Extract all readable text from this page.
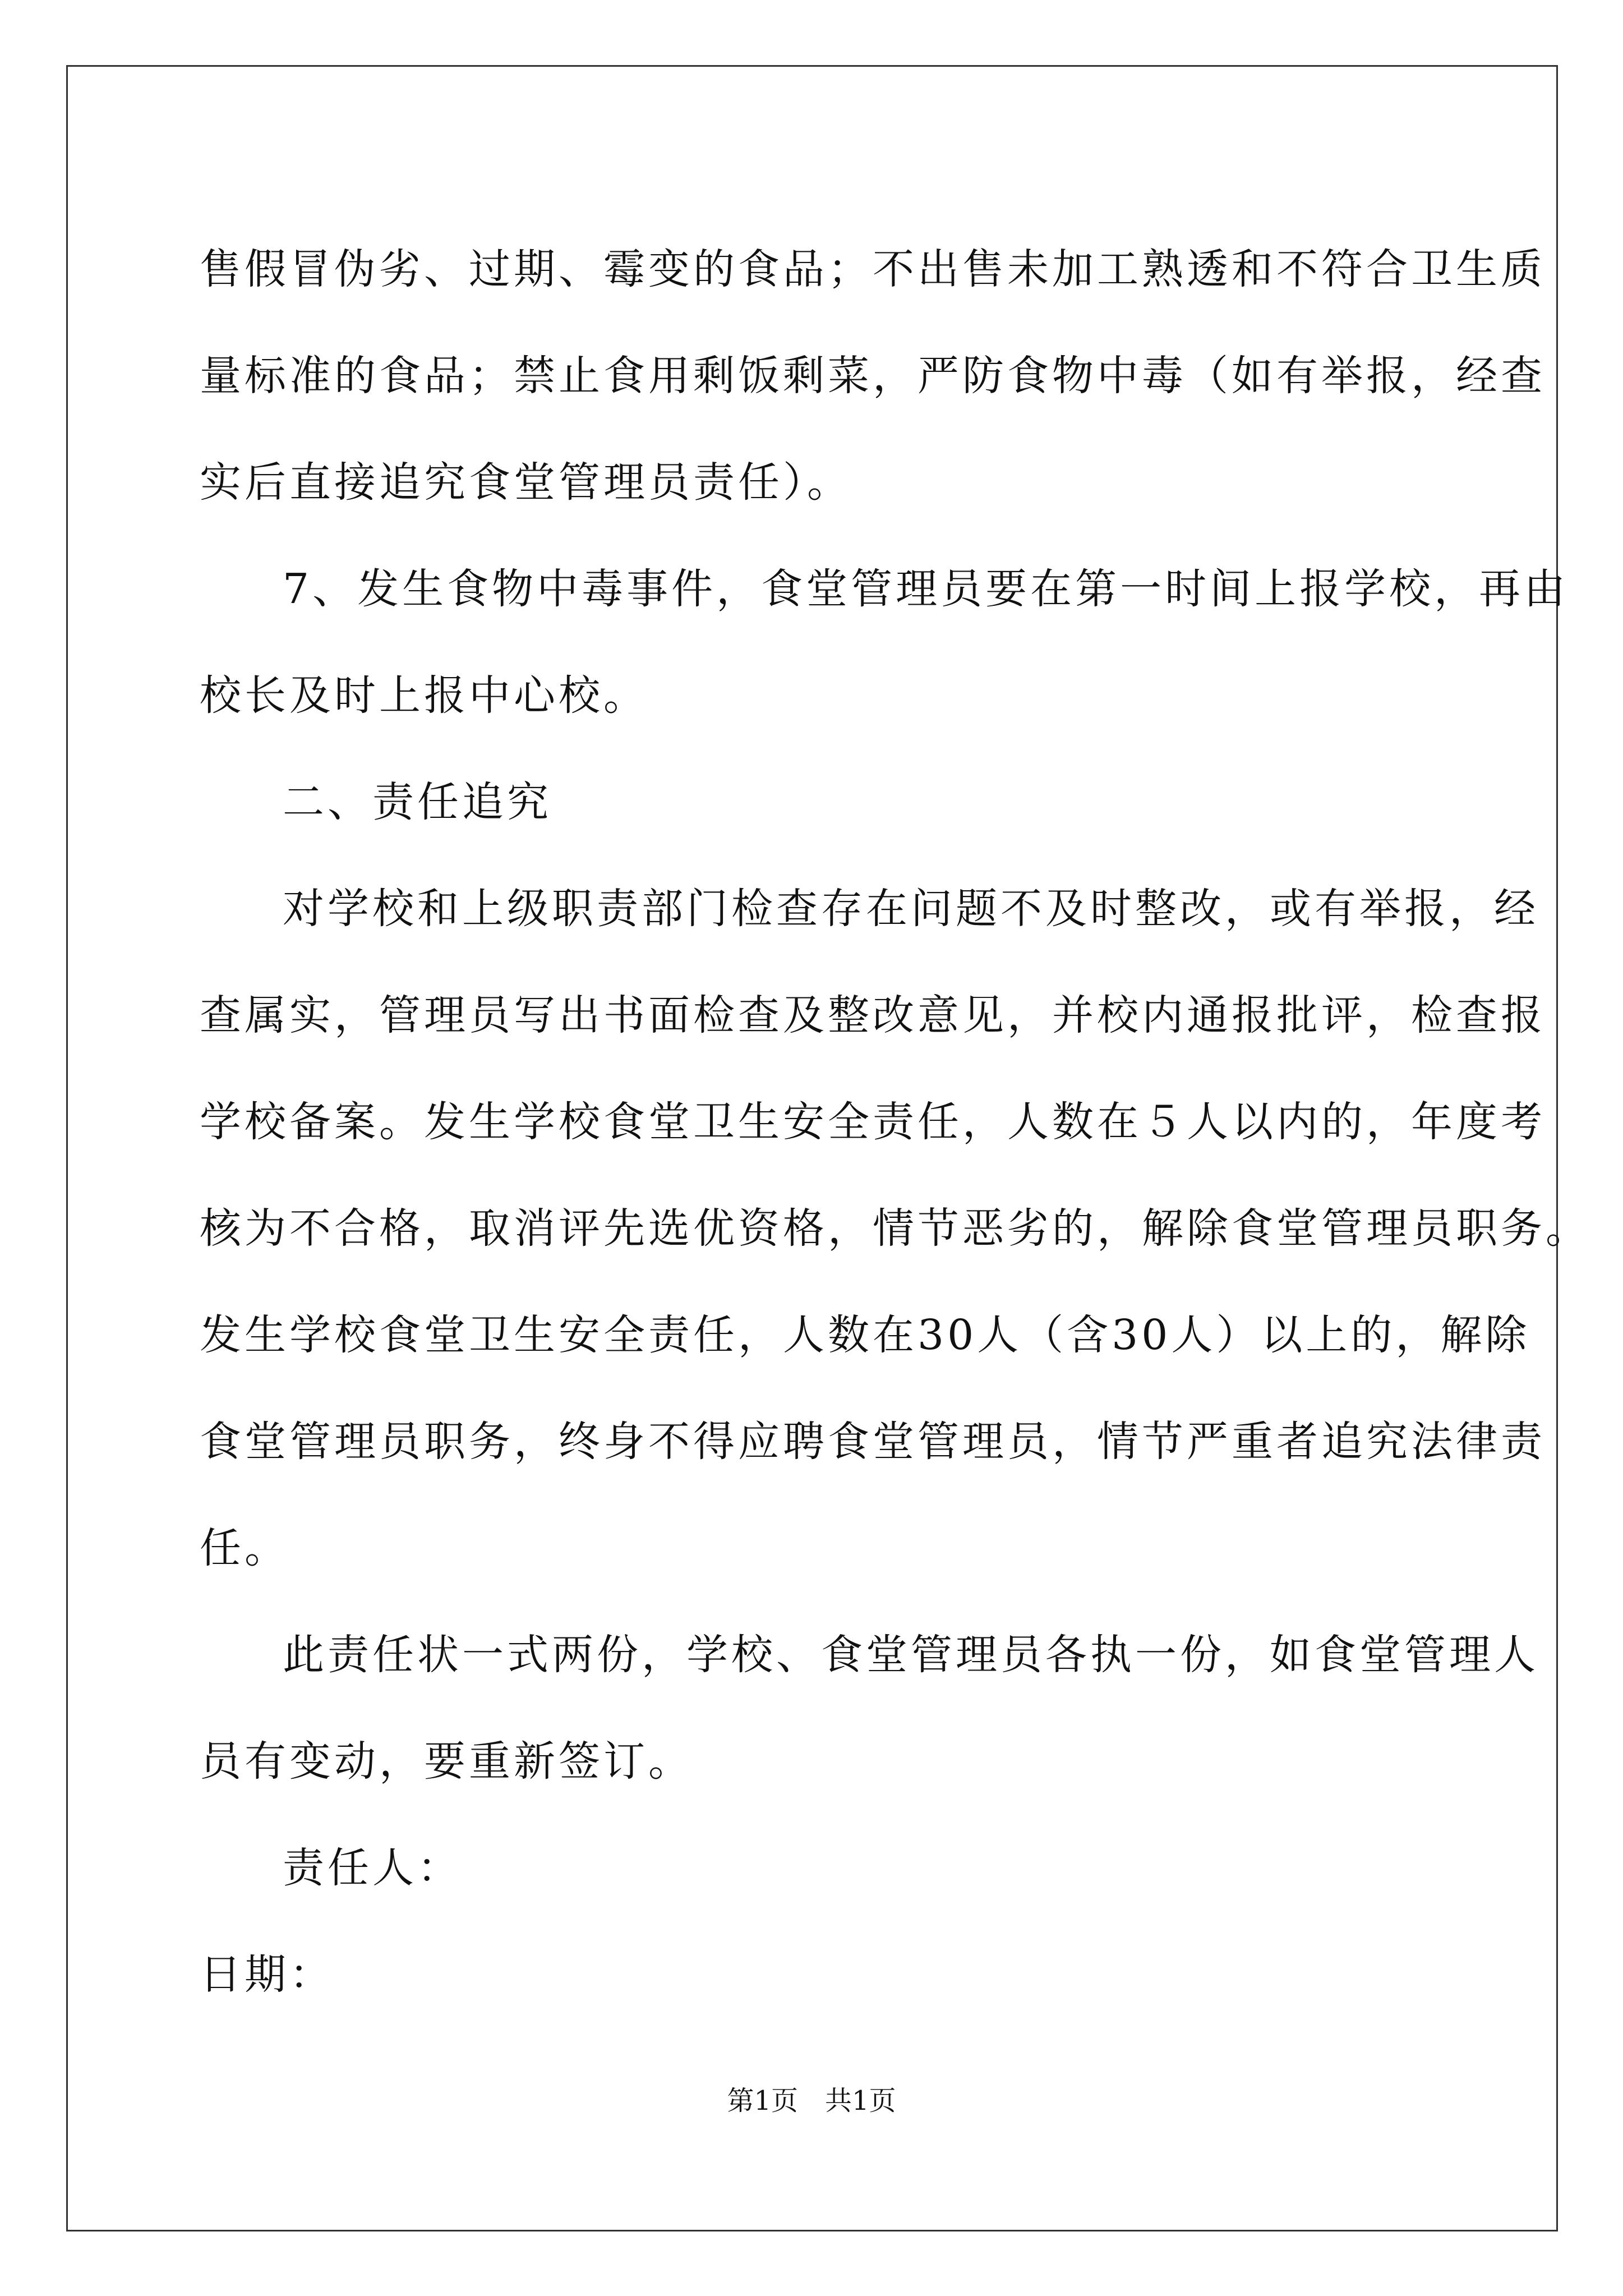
售假冒伪劣、过期、霉变的食品；不出售未加工熟透和不符合卫生质
量标准的食品；禁止食用剩饭剩菜，严防食物中毒（如有举报，经查
实后直接追究食堂管理员责任）。
7、发生食物中毒事件，食堂管理员要在第一时间上报学校，再由
校长及时上报中心校。
二、责任追究
对学校和上级职责部门检查存在问题不及时整改，或有举报，经
查属实，管理员写出书面检查及整改意见，并校内通报批评，检查报
学校备案。发生学校食堂卫生安全责任，人数在５人以内的，年度考
核为不合格，取消评先选优资格，情节恶劣的，解除食堂管理员职务。
发生学校食堂卫生安全责任，人数在30人（含30人）以上的，解除
食堂管理员职务，终身不得应聘食堂管理员，情节严重者追究法律责
任。
此责任状一式两份，学校、食堂管理员各执一份，如食堂管理人
员有变动，要重新签订。
责任人：
日期：
第1页 共1页
